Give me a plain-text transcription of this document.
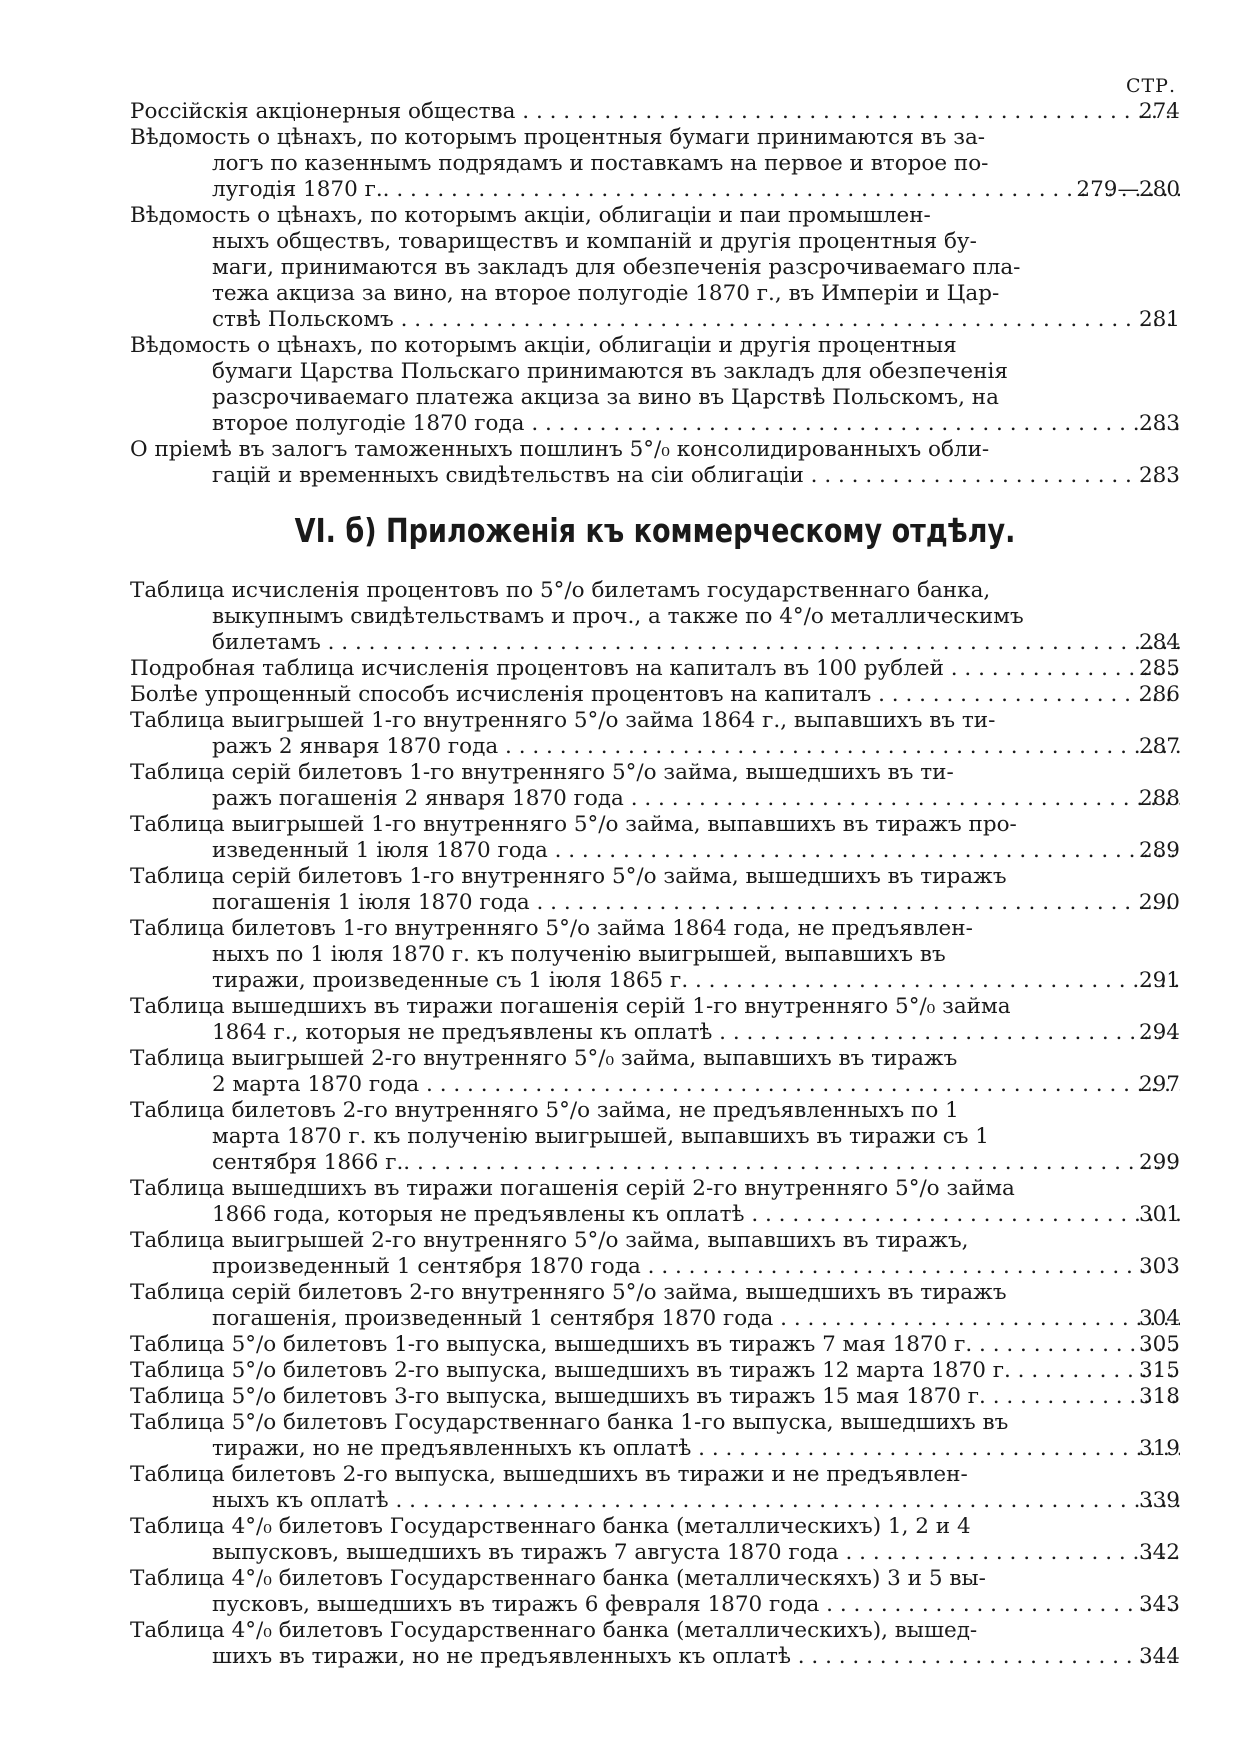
СТР.
Россійскія акціонерныя общества . . .	274
Вѣдомость о цѣнахъ, по которымъ процентныя бумаги принимаются въ за-
логъ по казеннымъ подрядамъ и поставкамъ на первое и второе по-
лугодія 1870 г.. . . .	279—280
Вѣдомость о цѣнахъ, по которымъ акціи, облигаціи и паи промышлен-
ныхъ обществъ, товариществъ и компаній и другія процентныя бу-
маги, принимаются въ закладъ для обезпеченія разсрочиваемаго пла-
тежа акциза за вино, на второе полугодіе 1870 г., въ Имперіи и Цар-
ствѣ Польскомъ . . .	281
Вѣдомость о цѣнахъ, по которымъ акціи, облигаціи и другія процентныя
бумаги Царства Польскаго принимаются въ закладъ для обезпеченія
разсрочиваемаго платежа акциза за вино въ Царствѣ Польскомъ, на
второе полугодіе 1870 года . . .	283
О пріемѣ въ залогъ таможенныхъ пошлинъ 5°/₀ консолидированныхъ обли-
гацій и временныхъ свидѣтельствъ на сіи облигаціи . . .	283
VI. б) Приложенія къ коммерческому отдѣлу.
Таблица исчисленія процентовъ по 5°/о билетамъ государственнаго банка,
выкупнымъ свидѣтельствамъ и проч., а также по 4°/о металлическимъ
билетамъ . . .	284
Подробная таблица исчисленія процентовъ на капиталъ въ 100 рублей . . .	285
Болѣе упрощенный способъ исчисленія процентовъ на капиталъ . . .	286
Таблица выигрышей 1-го внутренняго 5°/о займа 1864 г., выпавшихъ въ ти-
ражъ 2 января 1870 года . . .	287
Таблица серій билетовъ 1-го внутренняго 5°/о займа, вышедшихъ въ ти-
ражъ погашенія 2 января 1870 года . . .	288
Таблица выигрышей 1-го внутренняго 5°/о займа, выпавшихъ въ тиражъ про-
изведенный 1 іюля 1870 года . . .	289
Таблица серій билетовъ 1-го внутренняго 5°/о займа, вышедшихъ въ тиражъ
погашенія 1 іюля 1870 года . . .	290
Таблица билетовъ 1-го внутренняго 5°/о займа 1864 года, не предъявлен-
ныхъ по 1 іюля 1870 г. къ полученію выигрышей, выпавшихъ въ
тиражи, произведенные съ 1 іюля 1865 г. . . .	291
Таблица вышедшихъ въ тиражи погашенія серій 1-го внутренняго 5°/₀ займа
1864 г., которыя не предъявлены къ оплатѣ . . .	294
Таблица выигрышей 2-го внутренняго 5°/₀ займа, выпавшихъ въ тиражъ
2 марта 1870 года . . .	297
Таблица билетовъ 2-го внутренняго 5°/о займа, не предъявленныхъ по 1
марта 1870 г. къ полученію выигрышей, выпавшихъ въ тиражи съ 1
сентября 1866 г.. . . .	299
Таблица вышедшихъ въ тиражи погашенія серій 2-го внутренняго 5°/о займа
1866 года, которыя не предъявлены къ оплатѣ . . .	301
Таблица выигрышей 2-го внутренняго 5°/о займа, выпавшихъ въ тиражъ,
произведенный 1 сентября 1870 года . . .	303
Таблица серій билетовъ 2-го внутренняго 5°/о займа, вышедшихъ въ тиражъ
погашенія, произведенный 1 сентября 1870 года . . .	304
Таблица 5°/о билетовъ 1-го выпуска, вышедшихъ въ тиражъ 7 мая 1870 г. . . .	305
Таблица 5°/о билетовъ 2-го выпуска, вышедшихъ въ тиражъ 12 марта 1870 г. . . .	315
Таблица 5°/о билетовъ 3-го выпуска, вышедшихъ въ тиражъ 15 мая 1870 г. . . .	318
Таблица 5°/о билетовъ Государственнаго банка 1-го выпуска, вышедшихъ въ
тиражи, но не предъявленныхъ къ оплатѣ . . .	319
Таблица билетовъ 2-го выпуска, вышедшихъ въ тиражи и не предъявлен-
ныхъ къ оплатѣ . . .	339
Таблица 4°/₀ билетовъ Государственнаго банка (металлическихъ) 1, 2 и 4
выпусковъ, вышедшихъ въ тиражъ 7 августа 1870 года . . .	342
Таблица 4°/₀ билетовъ Государственнаго банка (металлическяхъ) 3 и 5 вы-
пусковъ, вышедшихъ въ тиражъ 6 февраля 1870 года . . .	343
Таблица 4°/₀ билетовъ Государственнаго банка (металлическихъ), вышед-
шихъ въ тиражи, но не предъявленныхъ къ оплатѣ . . .	344
